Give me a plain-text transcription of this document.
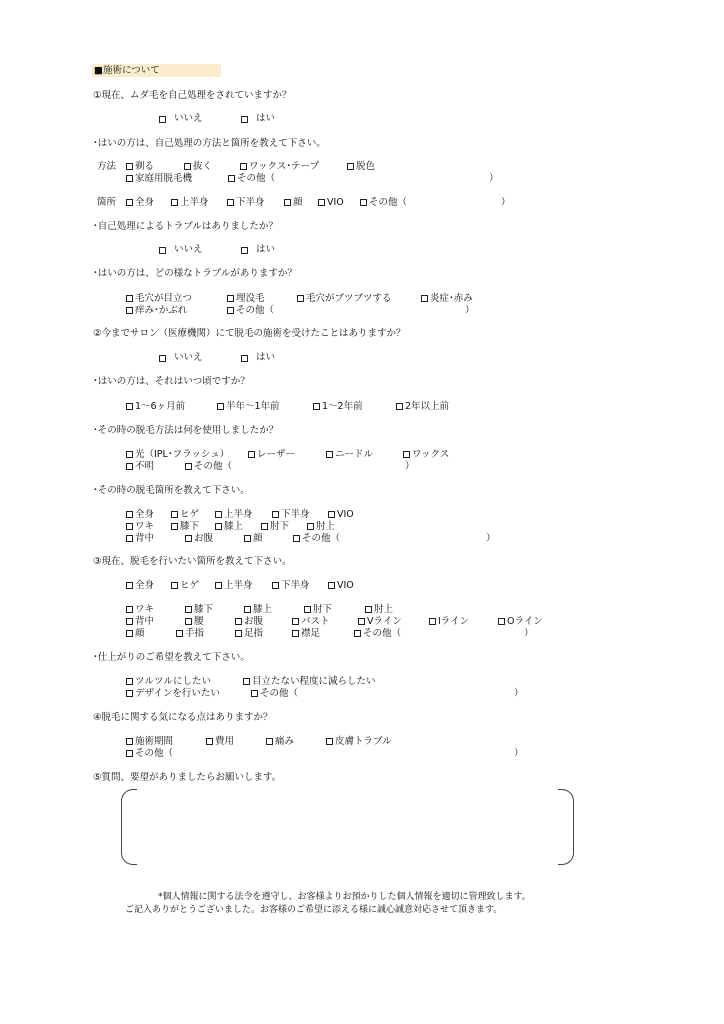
■施術について
①現在、ムダ毛を自己処理をされていますか？
いいえ	はい
･はいの方は、自己処理の方法と箇所を教えて下さい。
方法 剃る	抜く	ワックス･テープ	脱色
家庭用脱毛機	その他（	）
箇所 全身	上半身	下半身	顔	VIO	その他（	）
･自己処理によるトラブルはありましたか？
いいえ	はい
･はいの方は、どの様なトラブルがありますか？
毛穴が目立つ	埋没毛	毛穴がブツブツする	炎症･赤み
痒み･かぶれ	その他（	）
②今までサロン（医療機関）にて脱毛の施術を受けたことはありますか？
いいえ	はい
･はいの方は、それはいつ頃ですか？
1～6ヶ月前	半年～1年前	1～2年前	2年以上前
･その時の脱毛方法は何を使用しましたか？
光（IPL･フラッシュ）	レーザー	ニードル	ワックス
不明	その他（	）
･その時の脱毛箇所を教えて下さい。
全身	ヒゲ	上半身	下半身	VIO
ワキ	膝下	膝上	肘下	肘上
背中	お腹	顔	その他（	）
③現在、脱毛を行いたい箇所を教えて下さい。
全身	ヒゲ	上半身	下半身	VIO
ワキ	膝下	膝上	肘下	肘上
背中	腰	お腹	バスト	Vライン	Iライン	Oライン
顔	手指	足指	襟足	その他（	）
･仕上がりのご希望を教えて下さい。
ツルツルにしたい	目立たない程度に減らしたい
デザインを行いたい	その他（	）
④脱毛に関する気になる点はありますか？
施術期間	費用	痛み	皮膚トラブル
その他（	）
⑤質問、要望がありましたらお願いします。
*個人情報に関する法令を遵守し、お客様よりお預かりした個人情報を適切に管理致します。
ご記入ありがとうございました。お客様のご希望に添える様に誠心誠意対応させて頂きます。
